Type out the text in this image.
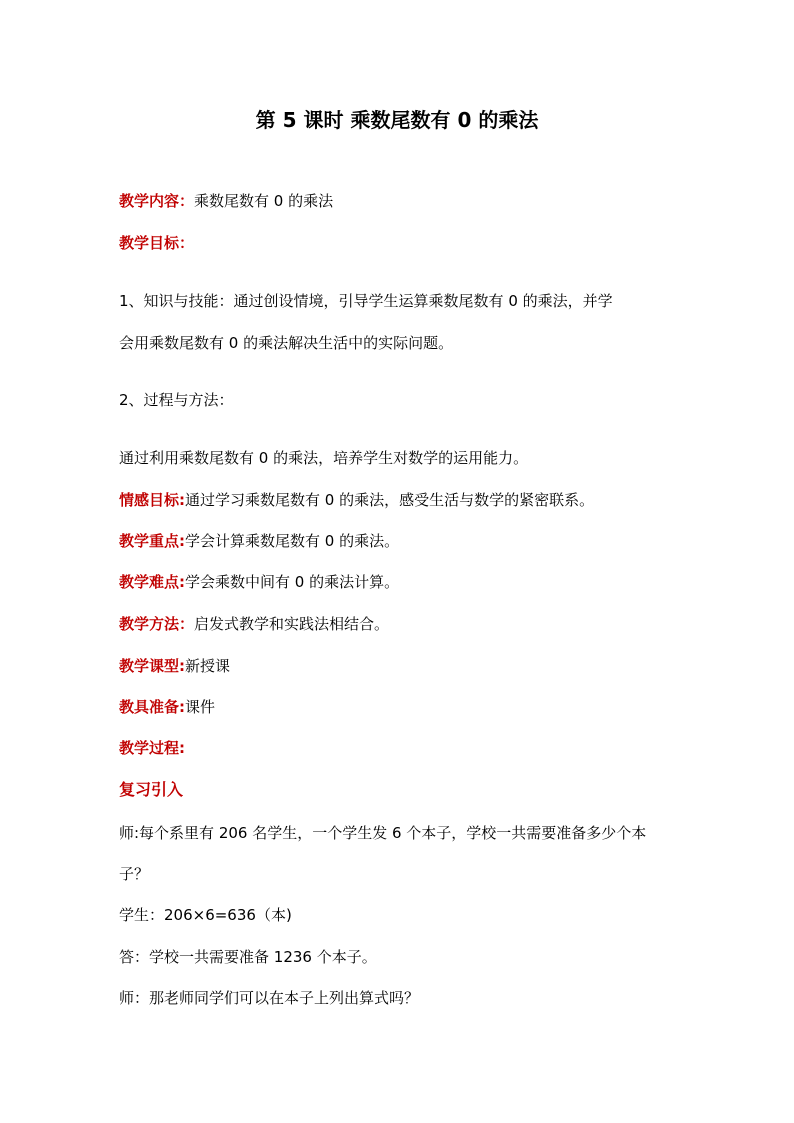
第 5 课时 乘数尾数有 0 的乘法
教学内容：乘数尾数有 0 的乘法
教学目标：
1、知识与技能：通过创设情境，引导学生运算乘数尾数有 0 的乘法，并学
会用乘数尾数有 0 的乘法解决生活中的实际问题。
2、过程与方法：
通过利用乘数尾数有 0 的乘法，培养学生对数学的运用能力。
情感目标:通过学习乘数尾数有 0 的乘法，感受生活与数学的紧密联系。
教学重点:学会计算乘数尾数有 0 的乘法。
教学难点:学会乘数中间有 0 的乘法计算。
教学方法：启发式教学和实践法相结合。
教学课型:新授课
教具准备:课件
教学过程:
复习引入
师:每个系里有 206 名学生，一个学生发 6 个本子，学校一共需要准备多少个本
子？
学生：206×6=636（本)
答：学校一共需要准备 1236 个本子。
师：那老师同学们可以在本子上列出算式吗？
